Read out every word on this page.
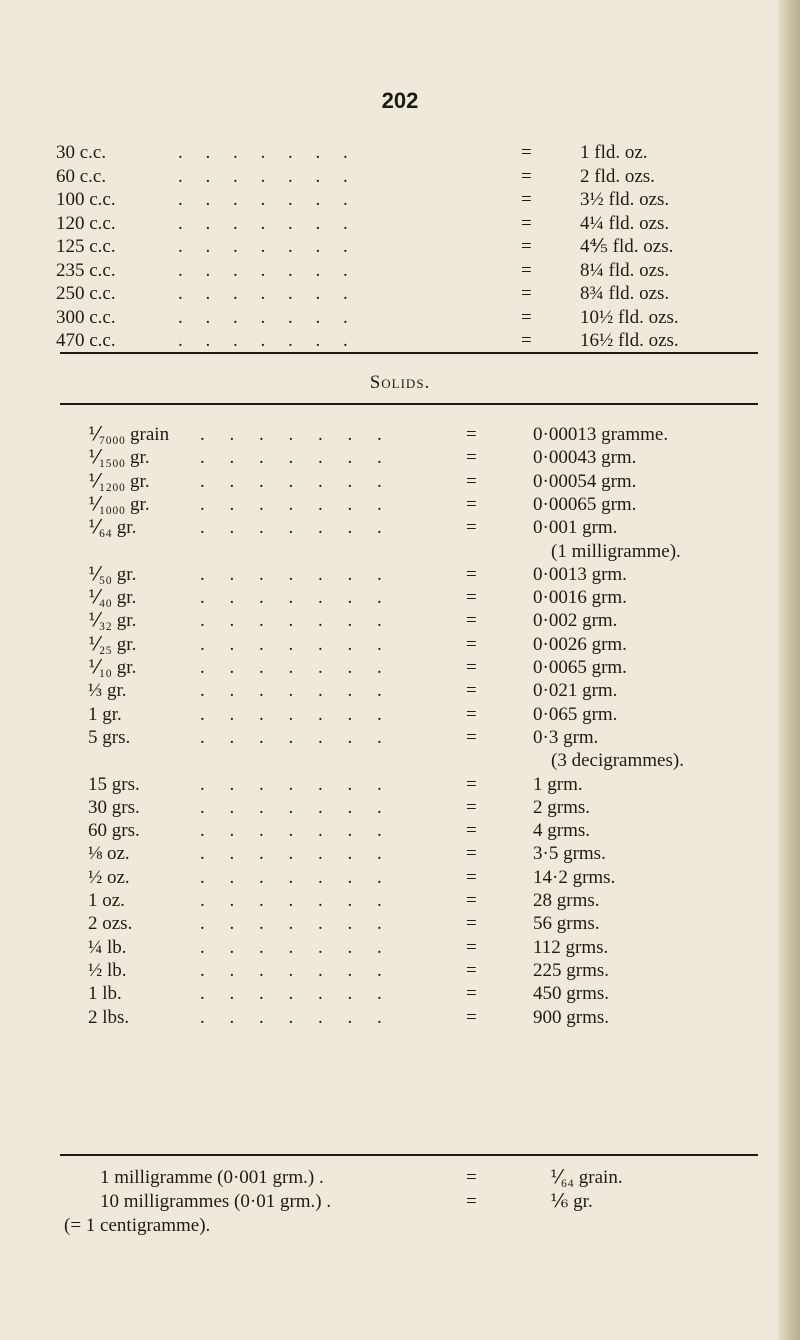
202
30 c.c.	. . . . . . .	=	1 fld. oz.
60 c.c.	. . . . . . .	=	2 fld. ozs.
100 c.c.	. . . . . . .	=	3½ fld. ozs.
120 c.c.	. . . . . . .	=	4¼ fld. ozs.
125 c.c.	. . . . . . .	=	4⅘ fld. ozs.
235 c.c.	. . . . . . .	=	8¼ fld. ozs.
250 c.c.	. . . . . . .	=	8¾ fld. ozs.
300 c.c.	. . . . . . .	=	10½ fld. ozs.
470 c.c.	. . . . . . .	=	16½ fld. ozs.
Solids.
⅟₇₀₀₀ grain . . . . . . .	=	0·00013 gramme.
⅟₁₅₀₀ gr.	. . . . . . .	=	0·00043 grm.
⅟₁₂₀₀ gr.	. . . . . . .	=	0·00054 grm.
⅟₁₀₀₀ gr.	. . . . . . .	=	0·00065 grm.
⅟₆₄ gr.	. . . . . . .	=	0·001 grm.
(1 milligramme).
⅟₅₀ gr.	. . . . . . .	=	0·0013 grm.
⅟₄₀ gr.	. . . . . . .	=	0·0016 grm.
⅟₃₂ gr.	. . . . . . .	=	0·002 grm.
⅟₂₅ gr.	. . . . . . .	=	0·0026 grm.
⅟₁₀ gr.	. . . . . . .	=	0·0065 grm.
⅓ gr.	. . . . . . .	=	0·021 grm.
1 gr.	. . . . . . .	=	0·065 grm.
5 grs.	. . . . . . .	=	0·3 grm.
(3 decigrammes).
15 grs.	. . . . . . .	=	1 grm.
30 grs.	. . . . . . .	=	2 grms.
60 grs.	. . . . . . .	=	4 grms.
⅛ oz.	. . . . . . .	=	3·5 grms.
½ oz.	. . . . . . .	=	14·2 grms.
1 oz.	. . . . . . .	=	28 grms.
2 ozs.	. . . . . . .	=	56 grms.
¼ lb.	. . . . . . .	=	112 grms.
½ lb.	. . . . . . .	=	225 grms.
1 lb.	. . . . . . .	=	450 grms.
2 lbs.	. . . . . . .	=	900 grms.
1 milligramme (0·001 grm.) .	=	⅟₆₄ grain.
10 milligrammes (0·01 grm.) .	=	⅙ gr.
(= 1 centigramme).
